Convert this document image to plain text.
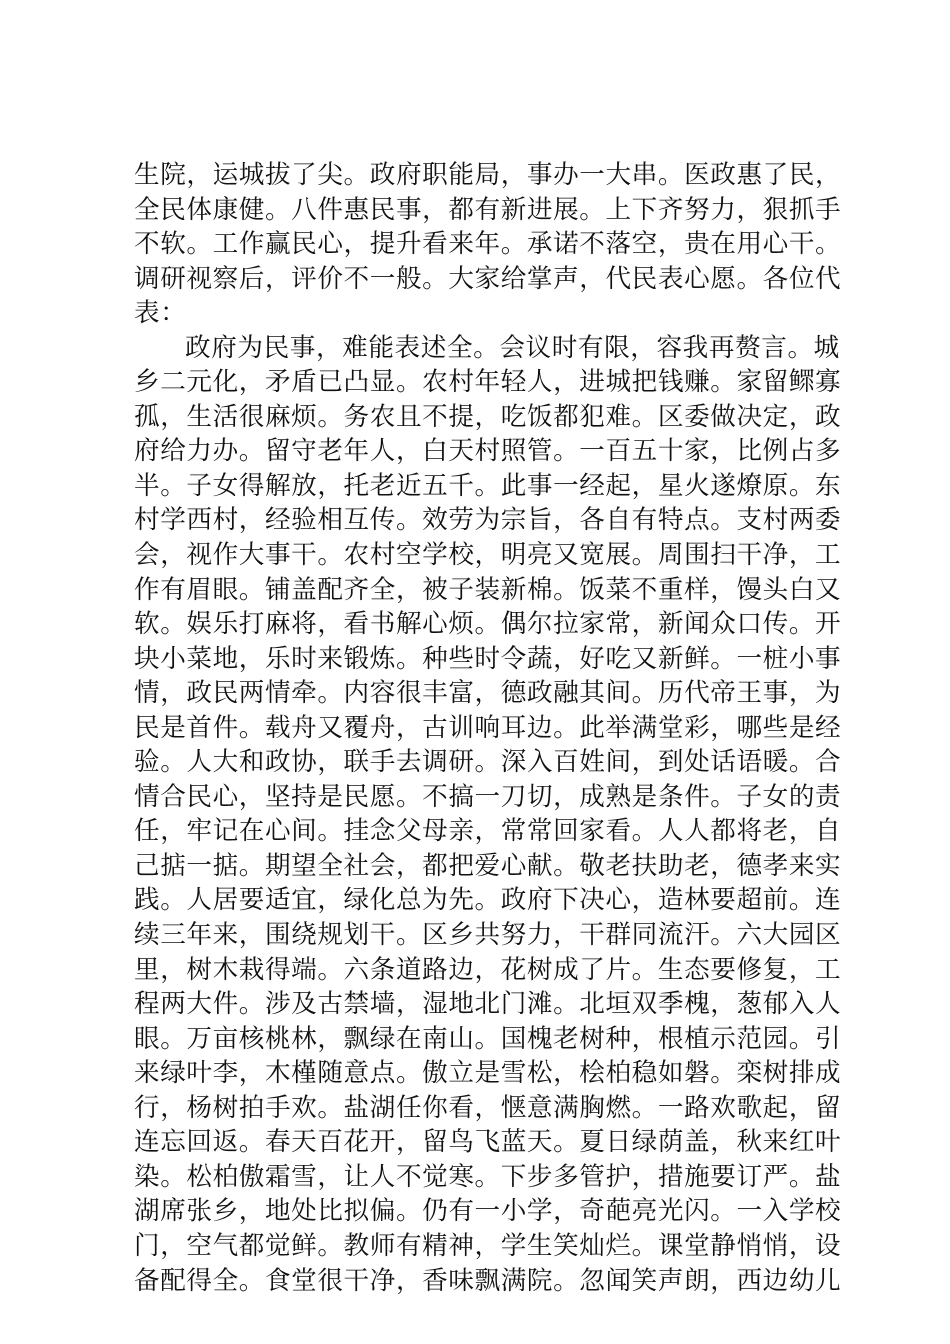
生院，运城拔了尖。政府职能局，事办一大串。医政惠了民，
全民体康健。八件惠民事，都有新进展。上下齐努力，狠抓手
不软。工作赢民心，提升看来年。承诺不落空，贵在用心干。
调研视察后，评价不一般。大家给掌声，代民表心愿。各位代
表：
政府为民事，难能表述全。会议时有限，容我再赘言。城
乡二元化，矛盾已凸显。农村年轻人，进城把钱赚。家留鳏寡
孤，生活很麻烦。务农且不提，吃饭都犯难。区委做决定，政
府给力办。留守老年人，白天村照管。一百五十家，比例占多
半。子女得解放，托老近五千。此事一经起，星火遂燎原。东
村学西村，经验相互传。效劳为宗旨，各自有特点。支村两委
会，视作大事干。农村空学校，明亮又宽展。周围扫干净，工
作有眉眼。铺盖配齐全，被子装新棉。饭菜不重样，馒头白又
软。娱乐打麻将，看书解心烦。偶尔拉家常，新闻众口传。开
块小菜地，乐时来锻炼。种些时令蔬，好吃又新鲜。一桩小事
情，政民两情牵。内容很丰富，德政融其间。历代帝王事，为
民是首件。载舟又覆舟，古训响耳边。此举满堂彩，哪些是经
验。人大和政协，联手去调研。深入百姓间，到处话语暖。合
情合民心，坚持是民愿。不搞一刀切，成熟是条件。子女的责
任，牢记在心间。挂念父母亲，常常回家看。人人都将老，自
己掂一掂。期望全社会，都把爱心献。敬老扶助老，德孝来实
践。人居要适宜，绿化总为先。政府下决心，造林要超前。连
续三年来，围绕规划干。区乡共努力，干群同流汗。六大园区
里，树木栽得端。六条道路边，花树成了片。生态要修复，工
程两大件。涉及古禁墙，湿地北门滩。北垣双季槐，葱郁入人
眼。万亩核桃林，飘绿在南山。国槐老树种，根植示范园。引
来绿叶李，木槿随意点。傲立是雪松，桧柏稳如磐。栾树排成
行，杨树拍手欢。盐湖任你看，惬意满胸燃。一路欢歌起，留
连忘回返。春天百花开，留鸟飞蓝天。夏日绿荫盖，秋来红叶
染。松柏傲霜雪，让人不觉寒。下步多管护，措施要订严。盐
湖席张乡，地处比拟偏。仍有一小学，奇葩亮光闪。一入学校
门，空气都觉鲜。教师有精神，学生笑灿烂。课堂静悄悄，设
备配得全。食堂很干净，香味飘满院。忽闻笑声朗，西边幼儿
